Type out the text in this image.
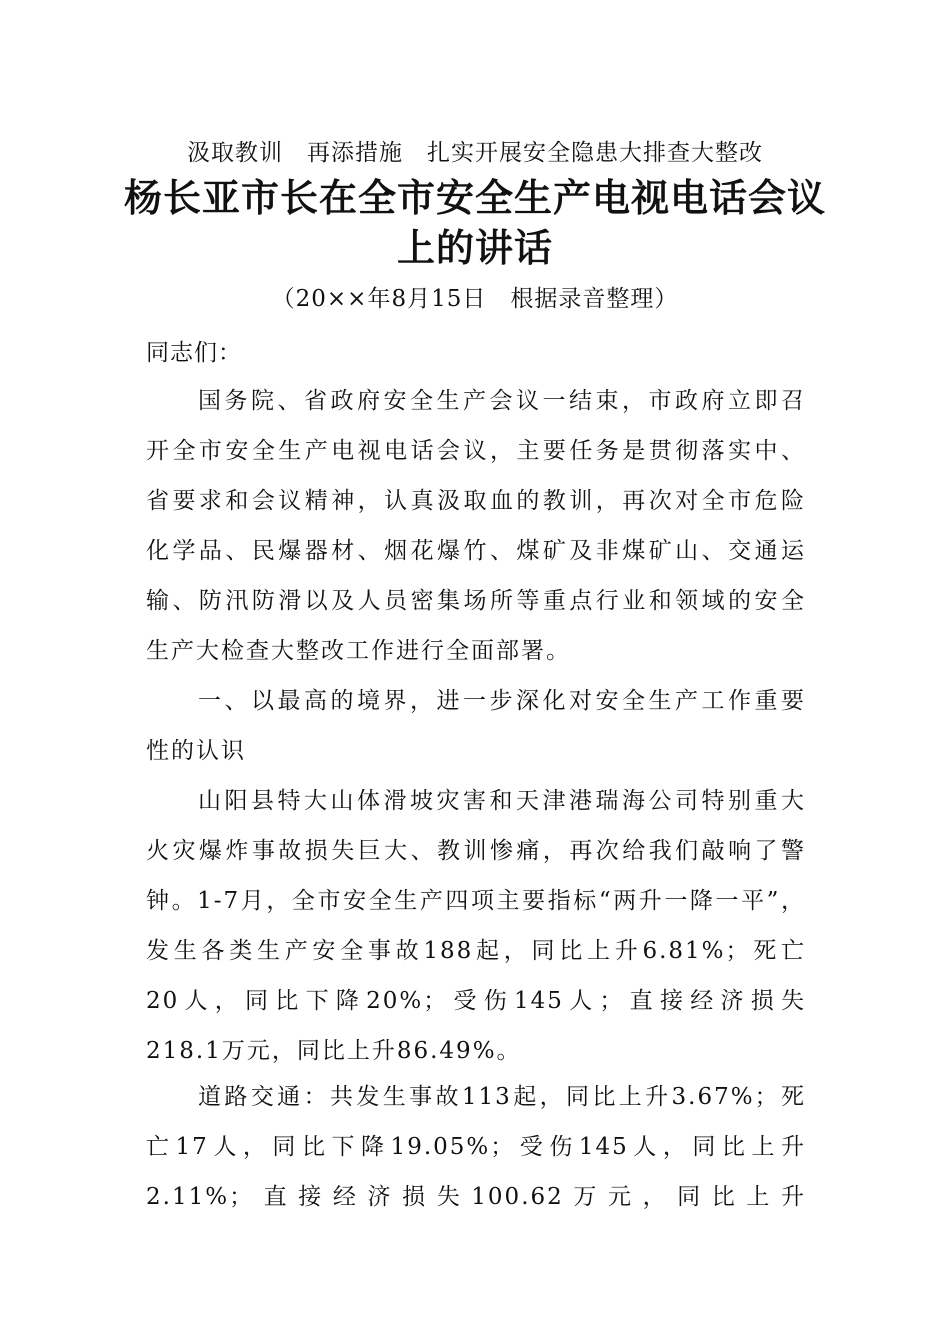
汲取教训　再添措施　扎实开展安全隐患大排查大整改
杨长亚市长在全市安全生产电视电话会议
上的讲话
（20××年8月15日　根据录音整理）
同志们：
国务院、省政府安全生产会议一结束，市政府立即召
开全市安全生产电视电话会议，主要任务是贯彻落实中、
省要求和会议精神，认真汲取血的教训，再次对全市危险
化学品、民爆器材、烟花爆竹、煤矿及非煤矿山、交通运
输、防汛防滑以及人员密集场所等重点行业和领域的安全
生产大检查大整改工作进行全面部署。
一、以最高的境界，进一步深化对安全生产工作重要
性的认识
山阳县特大山体滑坡灾害和天津港瑞海公司特别重大
火灾爆炸事故损失巨大、教训惨痛，再次给我们敲响了警
钟。1-7月，全市安全生产四项主要指标“两升一降一平”，
发生各类生产安全事故188起，同比上升6.81%；死亡
20人，同比下降20%；受伤145人；直接经济损失
218.1万元，同比上升86.49%。
道路交通：共发生事故113起，同比上升3.67%；死
亡17人，同比下降19.05%；受伤145人，同比上升
2.11%；直接经济损失100.62万元，同比上升
